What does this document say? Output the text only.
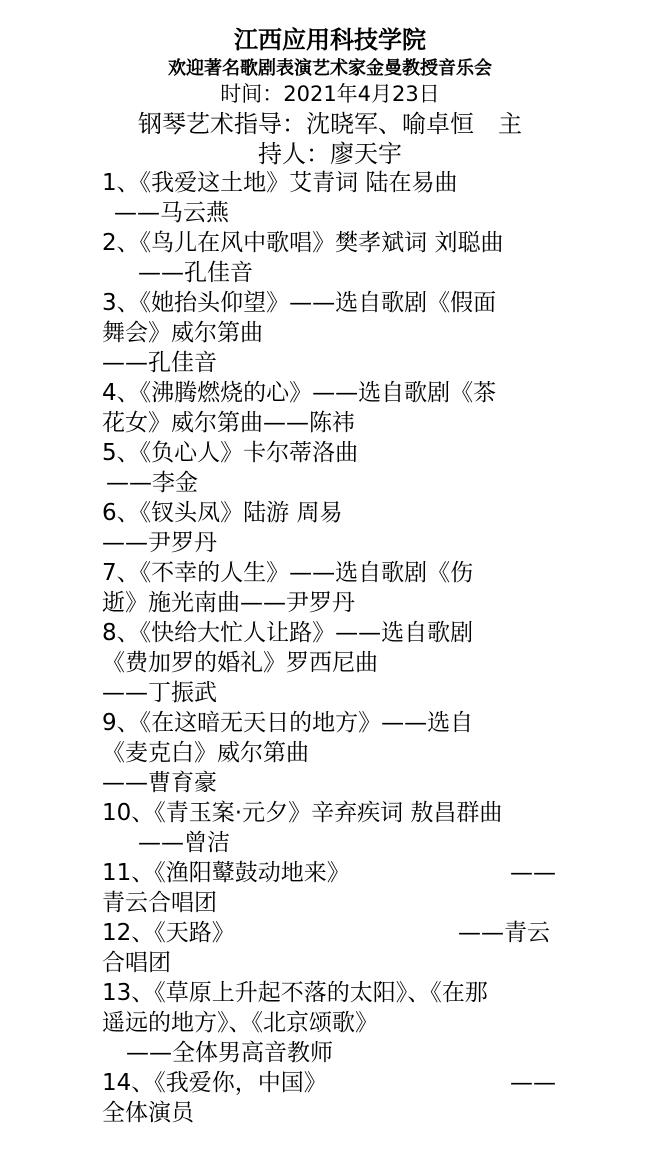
江西应用科技学院
欢迎著名歌剧表演艺术家金曼教授音乐会
时间：2021年4月23日
钢琴艺术指导：沈晓军、喻卓恒　主
持人：廖天宇
1、《我爱这土地》艾青词 陆在易曲
——马云燕
2、《鸟儿在风中歌唱》樊孝斌词 刘聪曲
——孔佳音
3、《她抬头仰望》——选自歌剧《假面
舞会》威尔第曲
——孔佳音
4、《沸腾燃烧的心》——选自歌剧《茶
花女》威尔第曲——陈祎
5、《负心人》卡尔蒂洛曲
——李金
6、《钗头凤》陆游 周易
——尹罗丹
7、《不幸的人生》——选自歌剧《伤
逝》施光南曲——尹罗丹
8、《快给大忙人让路》——选自歌剧
《费加罗的婚礼》罗西尼曲
——丁振武
9、《在这暗无天日的地方》——选自
《麦克白》威尔第曲
——曹育豪
10、《青玉案·元夕》辛弃疾词 敖昌群曲
——曾洁
11、《渔阳鼙鼓动地来》	——
青云合唱团
12、《天路》	——青云
合唱团
13、《草原上升起不落的太阳》、《在那
遥远的地方》、《北京颂歌》
——全体男高音教师
14、《我爱你，中国》	——
全体演员
